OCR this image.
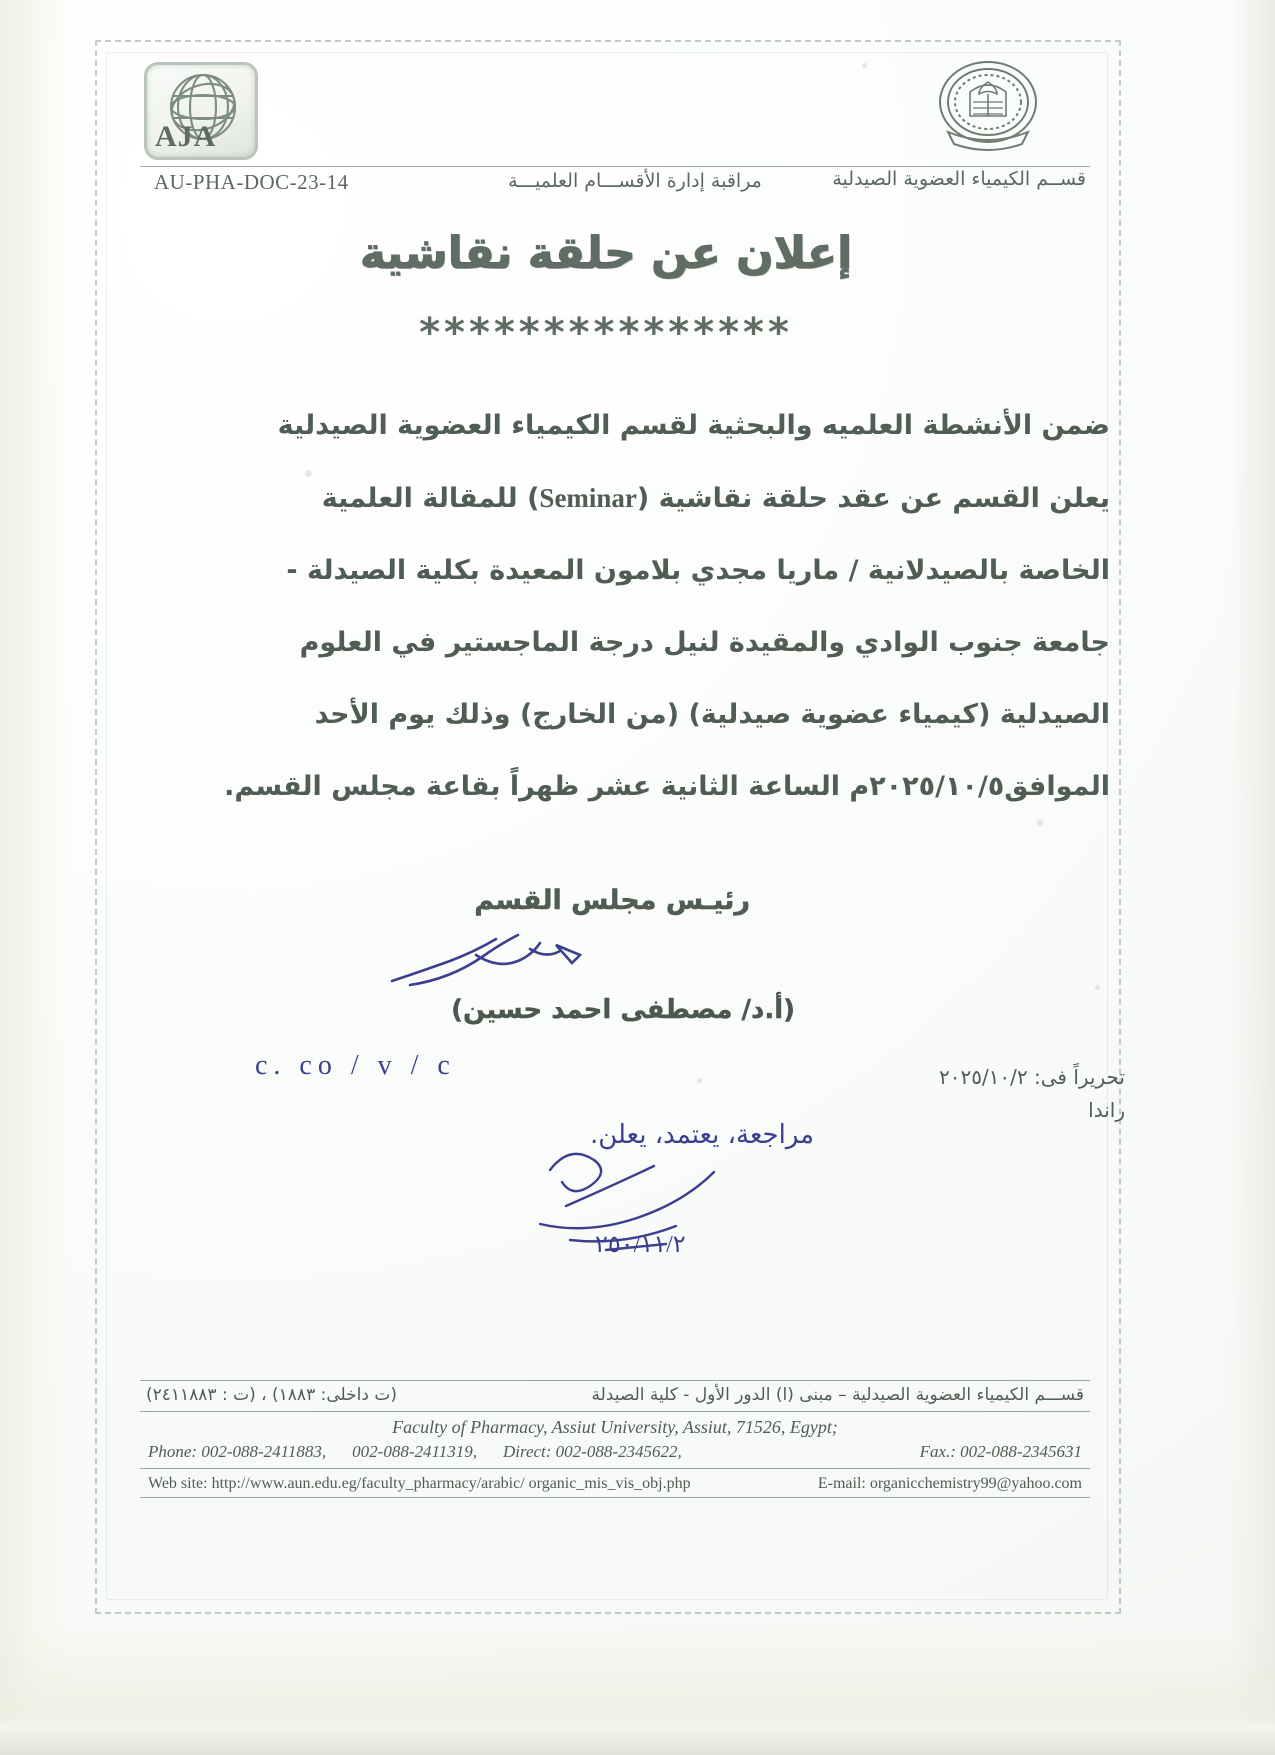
AJA
AU-PHA-DOC-23-14	مراقبة إدارة الأقســـام العلميـــة	قســم الكيمياء العضوية الصيدلية
إعلان عن حلقة نقاشية
***************
ضمن الأنشطة العلميه والبحثية لقسم الكيمياء العضوية الصيدلية
يعلن القسم عن عقد حلقة نقاشية (Seminar) للمقالة العلمية
الخاصة بالصيدلانية / ماريا مجدي بلامون المعيدة بكلية الصيدلة -
جامعة جنوب الوادي والمقيدة لنيل درجة الماجستير في العلوم
الصيدلية (كيمياء عضوية صيدلية) (من الخارج) وذلك يوم الأحد
الموافق٢٠٢٥/١٠/٥م الساعة الثانية عشر ظهراً بقاعة مجلس القسم.
رئيـس مجلس القسم
(أ.د/ مصطفى احمد حسين)
c. co / v / c
مراجعة، يعتمد، يعلن.
٢٥٠/١١/٢
تحريراً فى: ٢٠٢٥/١٠/٢
راندا
قســـم الكيمياء العضوية الصيدلية – مبنى (ا) الدور الأول - كلية الصيدلة
(ت داخلى: ١٨٨٣) ، (ت : ٢٤١١٨٨٣)
Faculty of Pharmacy, Assiut University, Assiut, 71526, Egypt;
Phone: 002-088-2411883, 002-088-2411319, Direct: 002-088-2345622,	Fax.: 002-088-2345631
Web site: http://www.aun.edu.eg/faculty_pharmacy/arabic/ organic_mis_vis_obj.php	E-mail: organicchemistry99@yahoo.com
